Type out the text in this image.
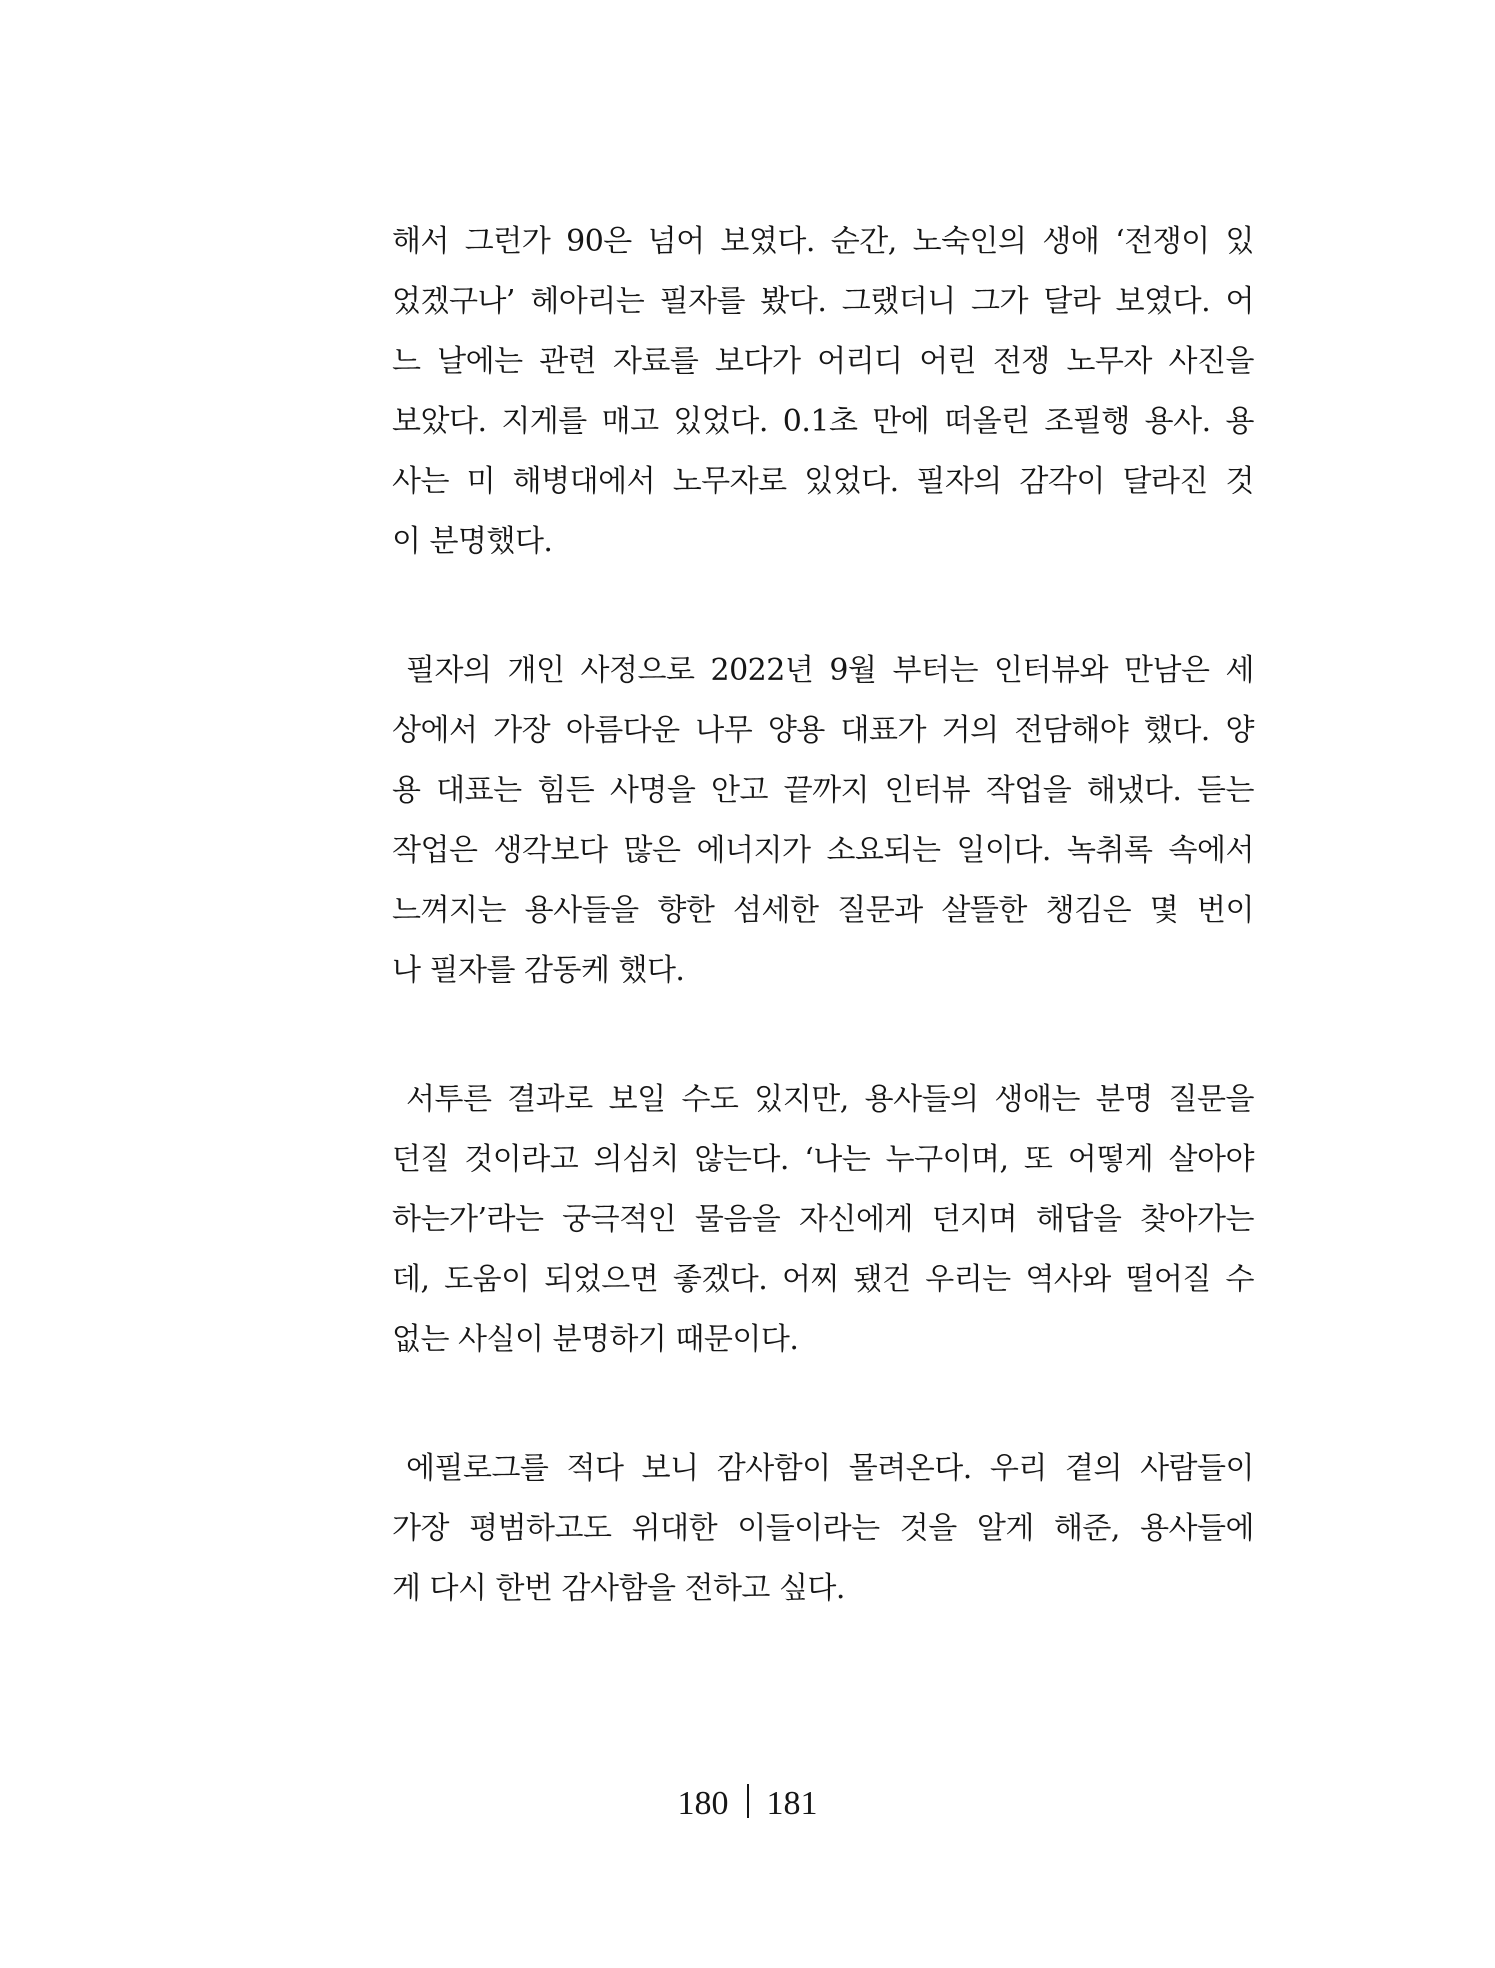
해서 그런가 90은 넘어 보였다. 순간, 노숙인의 생애 ‘전쟁이 있
었겠구나’ 헤아리는 필자를 봤다. 그랬더니 그가 달라 보였다. 어
느 날에는 관련 자료를 보다가 어리디 어린 전쟁 노무자 사진을
보았다. 지게를 매고 있었다. 0.1초 만에 떠올린 조필행 용사. 용
사는 미 해병대에서 노무자로 있었다. 필자의 감각이 달라진 것
이 분명했다.
필자의 개인 사정으로 2022년 9월 부터는 인터뷰와 만남은 세
상에서 가장 아름다운 나무 양용 대표가 거의 전담해야 했다. 양
용 대표는 힘든 사명을 안고 끝까지 인터뷰 작업을 해냈다. 듣는
작업은 생각보다 많은 에너지가 소요되는 일이다. 녹취록 속에서
느껴지는 용사들을 향한 섬세한 질문과 살뜰한 챙김은 몇 번이
나 필자를 감동케 했다.
서투른 결과로 보일 수도 있지만, 용사들의 생애는 분명 질문을
던질 것이라고 의심치 않는다. ‘나는 누구이며, 또 어떻게 살아야
하는가’라는 궁극적인 물음을 자신에게 던지며 해답을 찾아가는
데, 도움이 되었으면 좋겠다. 어찌 됐건 우리는 역사와 떨어질 수
없는 사실이 분명하기 때문이다.
에필로그를 적다 보니 감사함이 몰려온다. 우리 곁의 사람들이
가장 평범하고도 위대한 이들이라는 것을 알게 해준, 용사들에
게 다시 한번 감사함을 전하고 싶다.
180 181
